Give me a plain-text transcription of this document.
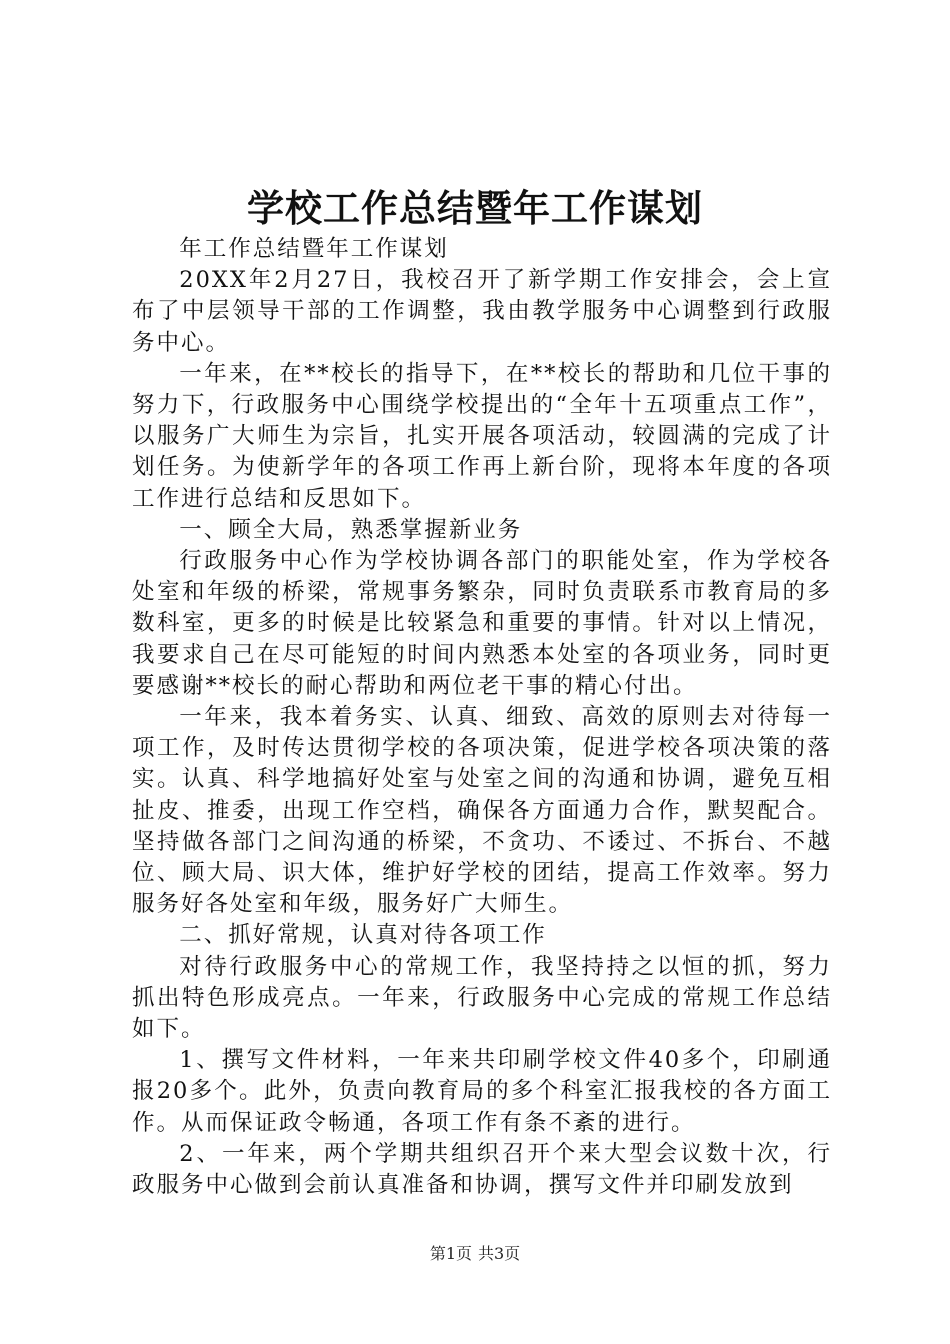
学校工作总结暨年工作谋划

年工作总结暨年工作谋划

20XX年2月27日，我校召开了新学期工作安排会，会上宣布了中层领导干部的工作调整，我由教学服务中心调整到行政服务中心。

一年来，在**校长的指导下，在**校长的帮助和几位干事的努力下，行政服务中心围绕学校提出的“全年十五项重点工作”，以服务广大师生为宗旨，扎实开展各项活动，较圆满的完成了计划任务。为使新学年的各项工作再上新台阶，现将本年度的各项工作进行总结和反思如下。

一、顾全大局，熟悉掌握新业务

行政服务中心作为学校协调各部门的职能处室，作为学校各处室和年级的桥梁，常规事务繁杂，同时负责联系市教育局的多数科室，更多的时候是比较紧急和重要的事情。针对以上情况，我要求自己在尽可能短的时间内熟悉本处室的各项业务，同时更要感谢**校长的耐心帮助和两位老干事的精心付出。

一年来，我本着务实、认真、细致、高效的原则去对待每一项工作，及时传达贯彻学校的各项决策，促进学校各项决策的落实。认真、科学地搞好处室与处室之间的沟通和协调，避免互相扯皮、推委，出现工作空档，确保各方面通力合作，默契配合。坚持做各部门之间沟通的桥梁，不贪功、不诿过、不拆台、不越位、顾大局、识大体，维护好学校的团结，提高工作效率。努力服务好各处室和年级，服务好广大师生。

二、抓好常规，认真对待各项工作

对待行政服务中心的常规工作，我坚持持之以恒的抓，努力抓出特色形成亮点。一年来，行政服务中心完成的常规工作总结如下。

1、撰写文件材料，一年来共印刷学校文件40多个，印刷通报20多个。此外，负责向教育局的多个科室汇报我校的各方面工作。从而保证政令畅通，各项工作有条不紊的进行。

2、一年来，两个学期共组织召开个来大型会议数十次，行政服务中心做到会前认真准备和协调，撰写文件并印刷发放到

第1页 共3页
